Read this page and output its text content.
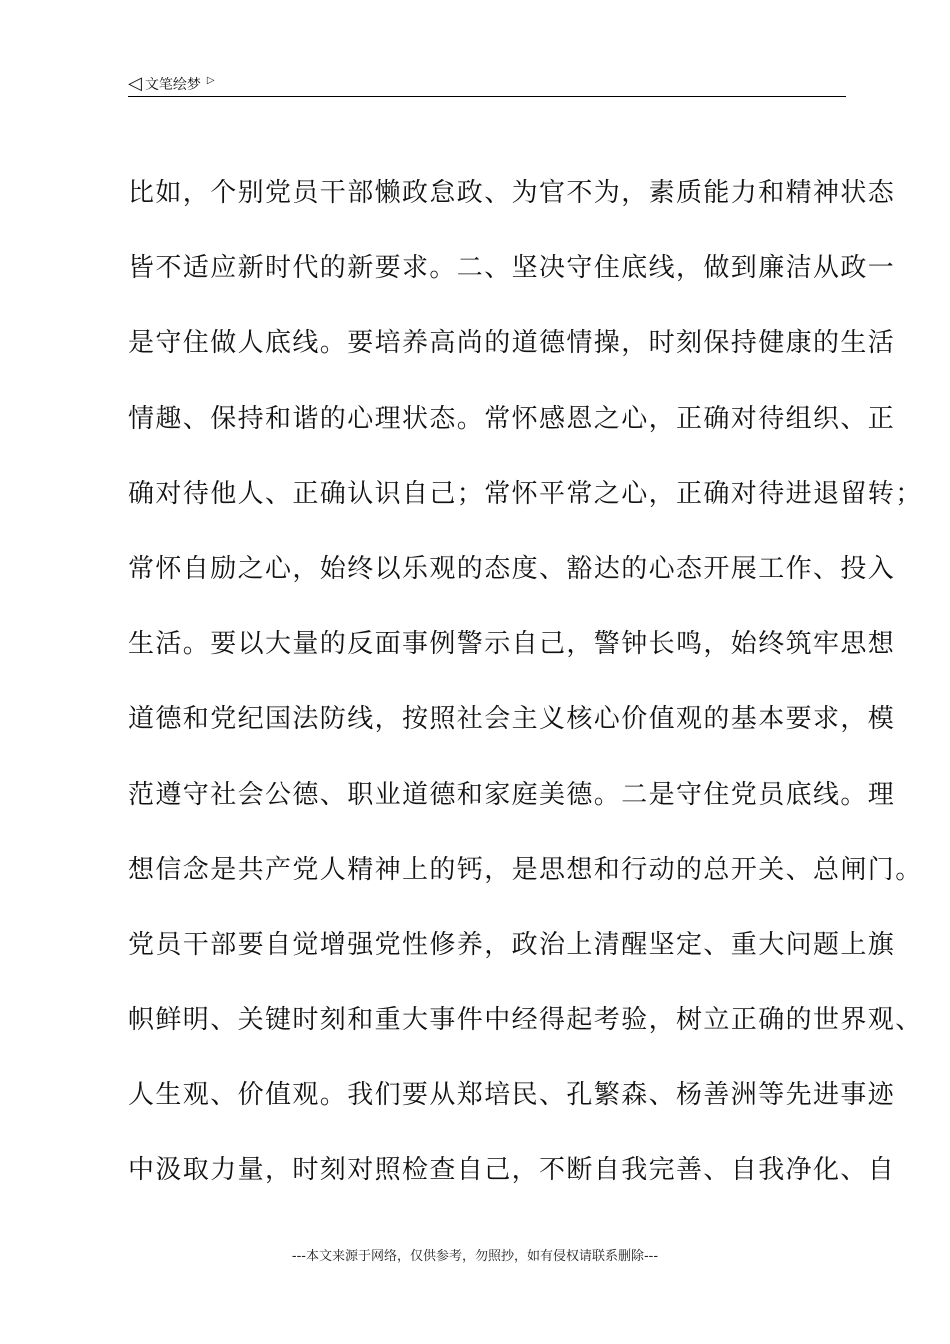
◁ 文笔绘梦 ▷
比如，个别党员干部懒政怠政、为官不为，素质能力和精神状态
皆不适应新时代的新要求。二、坚决守住底线，做到廉洁从政一
是守住做人底线。要培养高尚的道德情操，时刻保持健康的生活
情趣、保持和谐的心理状态。常怀感恩之心，正确对待组织、正
确对待他人、正确认识自己；常怀平常之心，正确对待进退留转；
常怀自励之心，始终以乐观的态度、豁达的心态开展工作、投入
生活。要以大量的反面事例警示自己，警钟长鸣，始终筑牢思想
道德和党纪国法防线，按照社会主义核心价值观的基本要求，模
范遵守社会公德、职业道德和家庭美德。二是守住党员底线。理
想信念是共产党人精神上的钙，是思想和行动的总开关、总闸门。
党员干部要自觉增强党性修养，政治上清醒坚定、重大问题上旗
帜鲜明、关键时刻和重大事件中经得起考验，树立正确的世界观、
人生观、价值观。我们要从郑培民、孔繁森、杨善洲等先进事迹
中汲取力量，时刻对照检查自己，不断自我完善、自我净化、自
---本文来源于网络，仅供参考，勿照抄，如有侵权请联系删除---
